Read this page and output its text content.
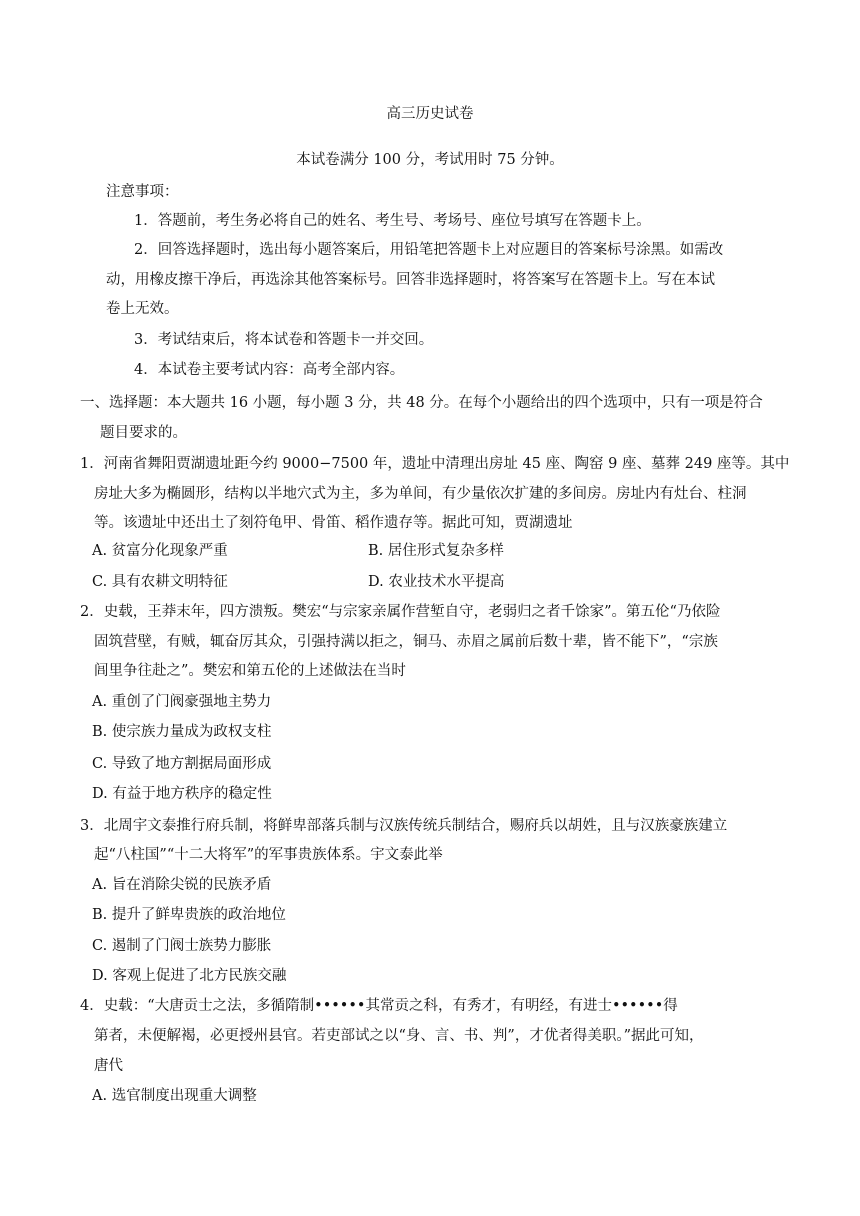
高三历史试卷
本试卷满分 100 分，考试用时 75 分钟。
注意事项：
1．答题前，考生务必将自己的姓名、考生号、考场号、座位号填写在答题卡上。
2．回答选择题时，选出每小题答案后，用铅笔把答题卡上对应题目的答案标号涂黑。如需改
动，用橡皮擦干净后，再选涂其他答案标号。回答非选择题时，将答案写在答题卡上。写在本试
卷上无效。
3．考试结束后，将本试卷和答题卡一并交回。
4．本试卷主要考试内容：高考全部内容。
一、选择题：本大题共 16 小题，每小题 3 分，共 48 分。在每个小题给出的四个选项中，只有一项是符合
题目要求的。
1．河南省舞阳贾湖遗址距今约 9000−7500 年，遗址中清理出房址 45 座、陶窑 9 座、墓葬 249 座等。其中
房址大多为椭圆形，结构以半地穴式为主，多为单间，有少量依次扩建的多间房。房址内有灶台、柱洞
等。该遗址中还出土了刻符龟甲、骨笛、稻作遗存等。据此可知，贾湖遗址
A. 贫富分化现象严重	B. 居住形式复杂多样
C. 具有农耕文明特征	D. 农业技术水平提高
2．史载，王莽末年，四方溃叛。樊宏“与宗家亲属作营堑自守，老弱归之者千馀家”。第五伦“乃依险
固筑营壁，有贼，辄奋厉其众，引强持满以拒之，铜马、赤眉之属前后数十辈，皆不能下”，“宗族
闾里争往赴之”。樊宏和第五伦的上述做法在当时
A. 重创了门阀豪强地主势力
B. 使宗族力量成为政权支柱
C. 导致了地方割据局面形成
D. 有益于地方秩序的稳定性
3．北周宇文泰推行府兵制，将鲜卑部落兵制与汉族传统兵制结合，赐府兵以胡姓，且与汉族豪族建立
起“八柱国”“十二大将军”的军事贵族体系。宇文泰此举
A. 旨在消除尖锐的民族矛盾
B. 提升了鲜卑贵族的政治地位
C. 遏制了门阀士族势力膨胀
D. 客观上促进了北方民族交融
4．史载：“大唐贡士之法，多循隋制••••••其常贡之科，有秀才，有明经，有进士••••••得
第者，未便解褐，必更授州县官。若吏部试之以“身、言、书、判”，才优者得美职。”据此可知，
唐代
A. 选官制度出现重大调整
